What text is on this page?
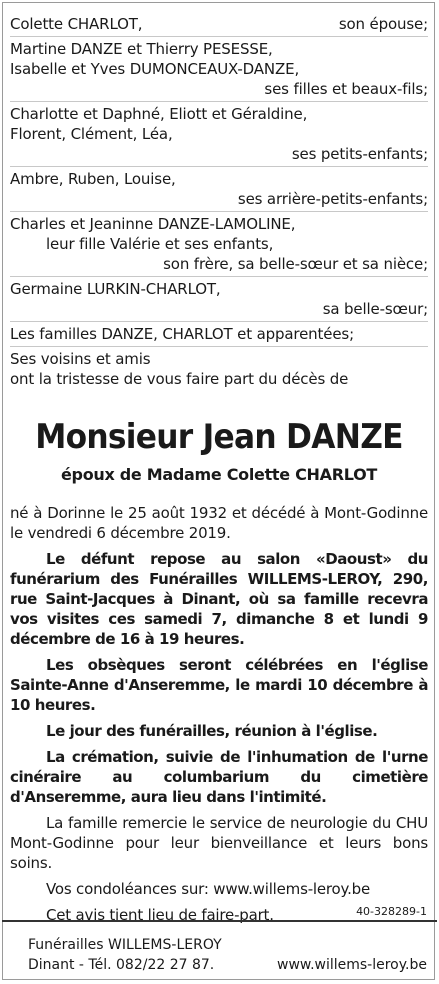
Colette CHARLOT,	son épouse;
Martine DANZE et Thierry PESESSE,
Isabelle et Yves DUMONCEAUX-DANZE,
ses filles et beaux-fils;
Charlotte et Daphné, Eliott et Géraldine,
Florent, Clément, Léa,
ses petits-enfants;
Ambre, Ruben, Louise,
ses arrière-petits-enfants;
Charles et Jeaninne DANZE-LAMOLINE,
leur fille Valérie et ses enfants,
son frère, sa belle-sœur et sa nièce;
Germaine LURKIN-CHARLOT,
sa belle-sœur;
Les familles DANZE, CHARLOT et apparentées;
Ses voisins et amis
ont la tristesse de vous faire part du décès de
Monsieur Jean DANZE
époux de Madame Colette CHARLOT

né à Dorinne le 25 août 1932 et décédé à Mont-Godinne le vendredi 6 décembre 2019.

Le défunt repose au salon «Daoust» du funérarium des Funérailles WILLEMS-LEROY, 290, rue Saint-Jacques à Dinant, où sa famille recevra vos visites ces samedi 7, dimanche 8 et lundi 9 décembre de 16 à 19 heures.

Les obsèques seront célébrées en l'église Sainte-Anne d'Anseremme, le mardi 10 décembre à 10 heures.

Le jour des funérailles, réunion à l'église.

La crémation, suivie de l'inhumation de l'urne cinéraire au columbarium du cimetière d'Anseremme, aura lieu dans l'intimité.

La famille remercie le service de neurologie du CHU Mont-Godinne pour leur bienveillance et leurs bons soins.

Vos condoléances sur: www.willems-leroy.be

Cet avis tient lieu de faire-part.	40-328289-1
Funérailles WILLEMS-LEROY
Dinant - Tél. 082/22 27 87.	www.willems-leroy.be
